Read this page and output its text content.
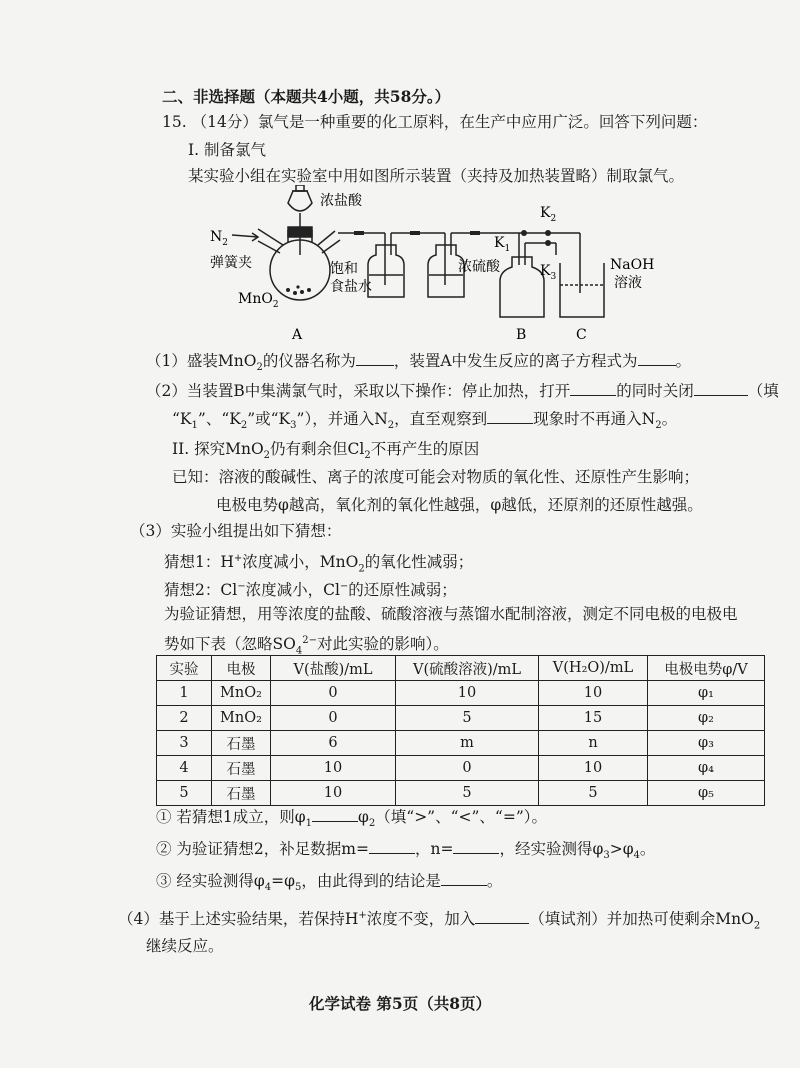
二、非选择题（本题共4小题，共58分。）
15. （14分）氯气是一种重要的化工原料，在生产中应用广泛。回答下列问题：
I. 制备氯气
某实验小组在实验室中用如图所示装置（夹持及加热装置略）制取氯气。
$N_2$
弹簧夹
浓盐酸
MnO$_2$
饱和
食盐水
浓硫酸
$K_1$
$K_2$
$K_3$
NaOH
溶液
A	B	C
（1）盛装MnO$_2$的仪器名称为 ，装置A中发生反应的离子方程式为 。
（2）当装置B中集满氯气时，采取以下操作：停止加热，打开	的同时关闭	（填
“$K_1$”、“$K_2$”或“$K_3$”），并通入$N_2$，直至观察到	现象时不再通入$N_2$。
II. 探究MnO$_2$仍有剩余但$Cl_2$不再产生的原因
已知：溶液的酸碱性、离子的浓度可能会对物质的氧化性、还原性产生影响；
电极电势φ越高，氧化剂的氧化性越强，φ越低，还原剂的还原性越强。
（3）实验小组提出如下猜想：
猜想1：H+浓度减小，MnO$_2$的氧化性减弱；
猜想2：Cl−浓度减小，Cl−的还原性减弱；
为验证猜想，用等浓度的盐酸、硫酸溶液与蒸馏水配制溶液，测定不同电极的电极电
势如下表（忽略$SO_4^{2-}$对此实验的影响）。
实验	电极	V(盐酸)/mL	V(硫酸溶液)/mL	V(H₂O)/mL	电极电势φ/V
1	MnO₂	0	10	10	φ₁
2	MnO₂	0	5	15	φ₂
3	石墨	6	m	n	φ₃
4	石墨	10	0	10	φ₄
5	石墨	10	5	5	φ₅
① 若猜想1成立，则$\varphi_1$	$\varphi_2$（填“>”、“<”、“=”）。
② 为验证猜想2，补足数据m=	，n=	，经实验测得$\varphi_3>\varphi_4$。
③ 经实验测得$\varphi_4=\varphi_5$，由此得到的结论是	。
（4）基于上述实验结果，若保持H+浓度不变，加入	（填试剂）并加热可使剩余MnO$_2$
继续反应。
化学试卷 第5页（共8页）
